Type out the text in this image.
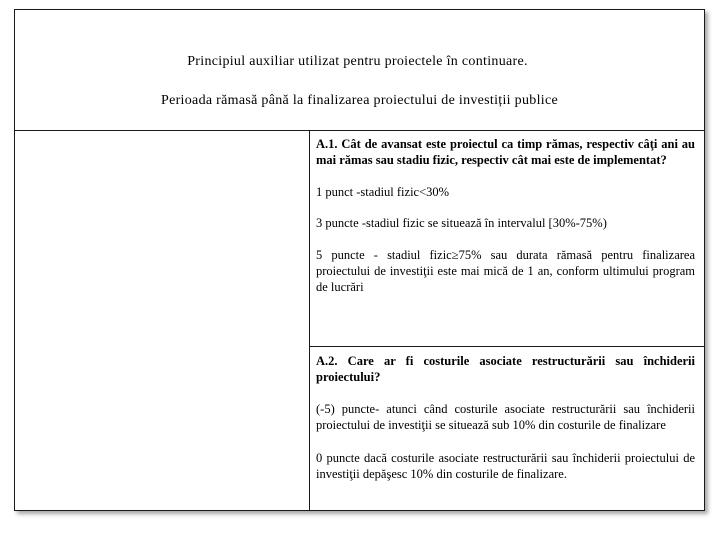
Principiul auxiliar utilizat pentru proiectele în continuare.
Perioada rămasă până la finalizarea proiectului de investiții publice

A.1. Cât de avansat este proiectul ca timp rămas, respectiv câţi ani au mai rămas sau stadiu fizic, respectiv cât mai este de implementat?

1 punct -stadiul fizic<30%

3 puncte -stadiul fizic se situează în intervalul [30%-75%)

5 puncte - stadiul fizic≥75% sau durata rămasă pentru finalizarea proiectului de investiţii este mai mică de 1 an, conform ultimului program de lucrări

A.2. Care ar fi costurile asociate restructurării sau închiderii proiectului?

(-5) puncte- atunci când costurile asociate restructurării sau închiderii proiectului de investiţii se situează sub 10% din costurile de finalizare

0 puncte dacă costurile asociate restructurării sau închiderii proiectului de investiţii depăşesc 10% din costurile de finalizare.
